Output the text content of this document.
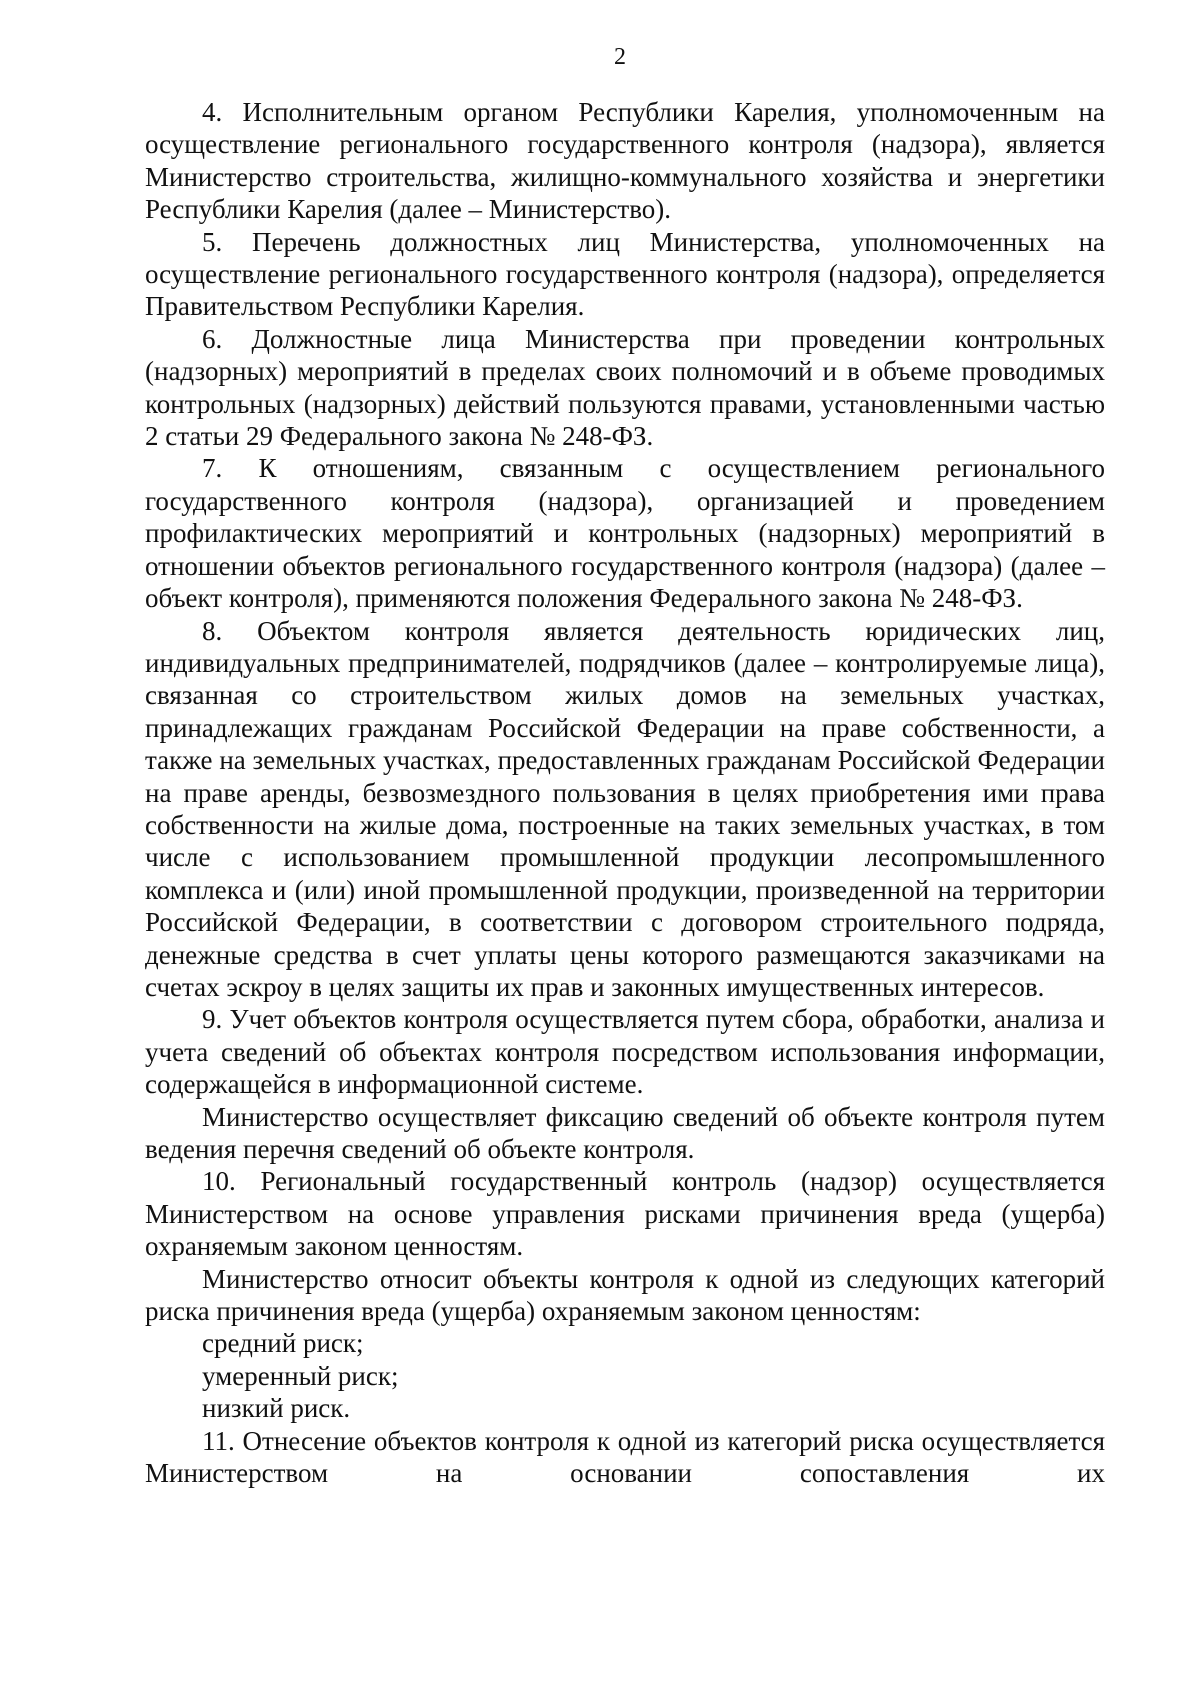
2

4. Исполнительным органом Республики Карелия, уполномоченным на осуществление регионального государственного контроля (надзора), является Министерство строительства, жилищно-коммунального хозяйства и энергетики Республики Карелия (далее – Министерство).

5. Перечень должностных лиц Министерства, уполномоченных на осуществление регионального государственного контроля (надзора), определяется Правительством Республики Карелия.

6. Должностные лица Министерства при проведении контрольных (надзорных) мероприятий в пределах своих полномочий и в объеме проводимых контрольных (надзорных) действий пользуются правами, установленными частью 2 статьи 29 Федерального закона № 248-ФЗ.

7. К отношениям, связанным с осуществлением регионального государственного контроля (надзора), организацией и проведением профилактических мероприятий и контрольных (надзорных) мероприятий в отношении объектов регионального государственного контроля (надзора) (далее – объект контроля), применяются положения Федерального закона № 248-ФЗ.

8. Объектом контроля является деятельность юридических лиц, индивидуальных предпринимателей, подрядчиков (далее – контролируемые лица), связанная со строительством жилых домов на земельных участках, принадлежащих гражданам Российской Федерации на праве собственности, а также на земельных участках, предоставленных гражданам Российской Федерации на праве аренды, безвозмездного пользования в целях приобретения ими права собственности на жилые дома, построенные на таких земельных участках, в том числе с использованием промышленной продукции лесопромышленного комплекса и (или) иной промышленной продукции, произведенной на территории Российской Федерации, в соответствии с договором строительного подряда, денежные средства в счет уплаты цены которого размещаются заказчиками на счетах эскроу в целях защиты их прав и законных имущественных интересов.

9. Учет объектов контроля осуществляется путем сбора, обработки, анализа и учета сведений об объектах контроля посредством использования информации, содержащейся в информационной системе.

Министерство осуществляет фиксацию сведений об объекте контроля путем ведения перечня сведений об объекте контроля.

10. Региональный государственный контроль (надзор) осуществляется Министерством на основе управления рисками причинения вреда (ущерба) охраняемым законом ценностям.

Министерство относит объекты контроля к одной из следующих категорий риска причинения вреда (ущерба) охраняемым законом ценностям:

средний риск;

умеренный риск;

низкий риск.

11. Отнесение объектов контроля к одной из категорий риска осуществляется Министерством на основании сопоставления их
